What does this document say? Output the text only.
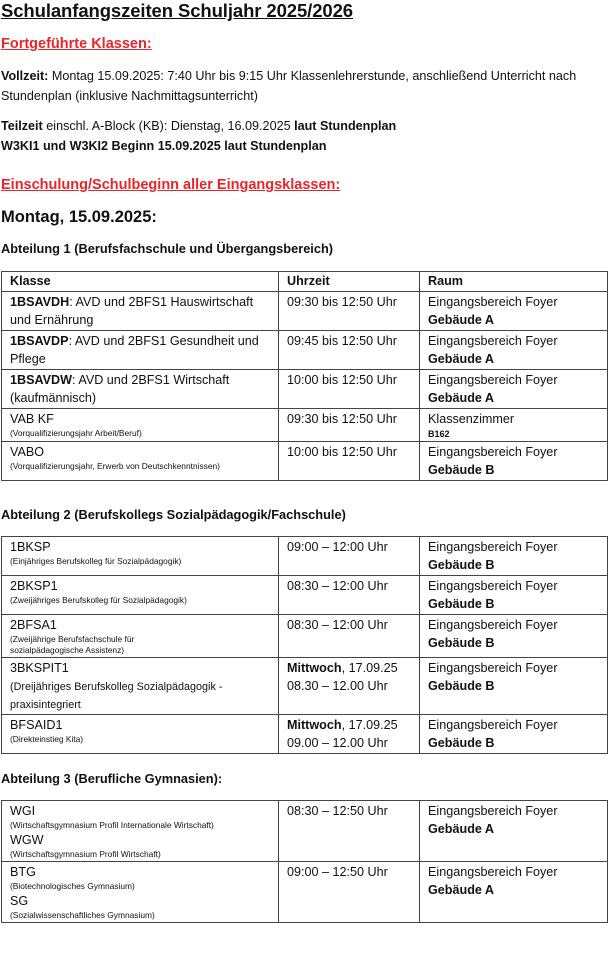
Schulanfangszeiten Schuljahr 2025/2026
Fortgeführte Klassen:
Vollzeit: Montag 15.09.2025: 7:40 Uhr bis 9:15 Uhr Klassenlehrerstunde, anschließend Unterricht nach Stundenplan (inklusive Nachmittagsunterricht)
Teilzeit einschl. A-Block (KB): Dienstag, 16.09.2025 laut Stundenplan
W3KI1 und W3KI2 Beginn 15.09.2025 laut Stundenplan
Einschulung/Schulbeginn aller Eingangsklassen:
Montag, 15.09.2025:
Abteilung 1 (Berufsfachschule und Übergangsbereich)
Klasse	Uhrzeit	Raum
1BSAVDH: AVD und 2BFS1 Hauswirtschaft und Ernährung	09:30 bis 12:50 Uhr	Eingangsbereich Foyer
Gebäude A
1BSAVDP: AVD und 2BFS1 Gesundheit und Pflege	09:45 bis 12:50 Uhr	Eingangsbereich Foyer
Gebäude A
1BSAVDW: AVD und 2BFS1 Wirtschaft (kaufmännisch)	10:00 bis 12:50 Uhr	Eingangsbereich Foyer
Gebäude A
VAB KF
(Vorqualifizierungsjahr Arbeit/Beruf)	09:30 bis 12:50 Uhr	Klassenzimmer
B162

VABO
(Vorqualifizierungsjahr, Erwerb von Deutschkenntnissen)	10:00 bis 12:50 Uhr	Eingangsbereich Foyer
Gebäude B
Abteilung 2 (Berufskollegs Sozialpädagogik/Fachschule)
1BKSP
(Einjähriges Berufskolleg für Sozialpädagogik)	09:00 – 12:00 Uhr	Eingangsbereich Foyer
Gebäude B
2BKSP1
(Zweijähriges Berufskolleg für Sozialpädagogik)	08:30 – 12:00 Uhr	Eingangsbereich Foyer
Gebäude B
2BFSA1
(Zweijährige Berufsfachschule für sozialpädagogische Assistenz)	08:30 – 12:00 Uhr	Eingangsbereich Foyer
Gebäude B
3BKSPIT1
(Dreijähriges Berufskolleg Sozialpädagogik - praxisintegriert	Mittwoch, 17.09.25
08.30 – 12.00 Uhr	Eingangsbereich Foyer
Gebäude B
BFSAID1
(Direkteinstieg Kita)	Mittwoch, 17.09.25
09.00 – 12.00 Uhr	Eingangsbereich Foyer
Gebäude B
Abteilung 3 (Berufliche Gymnasien):
WGI
(Wirtschaftsgymnasium Profil Internationale Wirtschaft)
WGW
(Wirtschaftsgymnasium Profil Wirtschaft)	08:30 – 12:50 Uhr	Eingangsbereich Foyer
Gebäude A
BTG
(Biotechnologisches Gymnasium)
SG
(Sozialwissenschaftliches Gymnasium)	09:00 – 12:50 Uhr	Eingangsbereich Foyer
Gebäude A
